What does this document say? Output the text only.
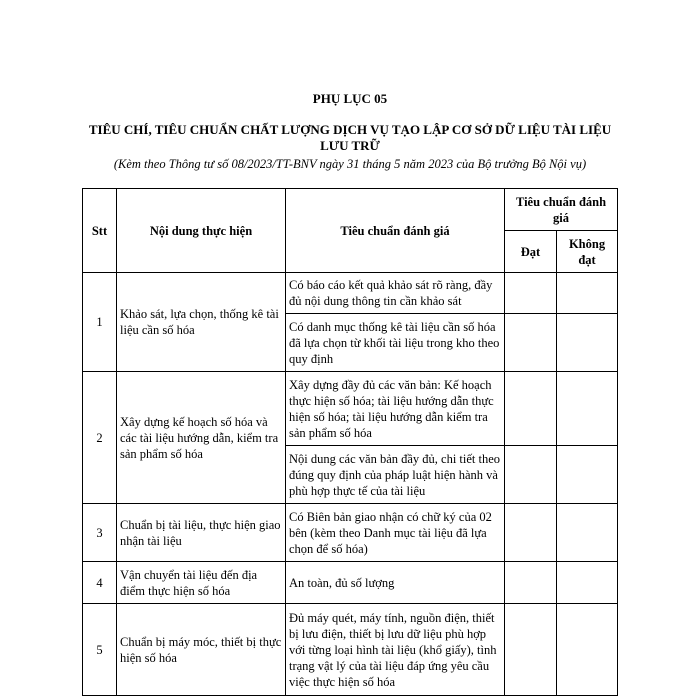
PHỤ LỤC 05
TIÊU CHÍ, TIÊU CHUẨN CHẤT LƯỢNG DỊCH VỤ TẠO LẬP CƠ SỞ DỮ LIỆU TÀI LIỆU LƯU TRỮ
(Kèm theo Thông tư số 08/2023/TT-BNV ngày 31 tháng 5 năm 2023 của Bộ trưởng Bộ Nội vụ)
Stt	Nội dung thực hiện	Tiêu chuẩn đánh giá	Tiêu chuẩn đánh giá	
			Đạt	Không đạt
1	Khảo sát, lựa chọn, thống kê tài liệu cần số hóa	Có báo cáo kết quả khảo sát rõ ràng, đầy đủ nội dung thông tin cần khảo sát		
		Có danh mục thống kê tài liệu cần số hóa đã lựa chọn từ khối tài liệu trong kho theo quy định		
2	Xây dựng kế hoạch số hóa và các tài liệu hướng dẫn, kiểm tra sản phẩm số hóa	Xây dựng đầy đủ các văn bản: Kế hoạch thực hiện số hóa; tài liệu hướng dẫn thực hiện số hóa; tài liệu hướng dẫn kiểm tra sản phẩm số hóa		
		Nội dung các văn bản đầy đủ, chi tiết theo đúng quy định của pháp luật hiện hành và phù hợp thực tế của tài liệu		
3	Chuẩn bị tài liệu, thực hiện giao nhận tài liệu	Có Biên bản giao nhận có chữ ký của 02 bên (kèm theo Danh mục tài liệu đã lựa chọn để số hóa)		
4	Vận chuyển tài liệu đến địa điểm thực hiện số hóa	An toàn, đủ số lượng		
5	Chuẩn bị máy móc, thiết bị thực hiện số hóa	Đủ máy quét, máy tính, nguồn điện, thiết bị lưu điện, thiết bị lưu dữ liệu phù hợp với từng loại hình tài liệu (khổ giấy), tình trạng vật lý của tài liệu đáp ứng yêu cầu việc thực hiện số hóa		
